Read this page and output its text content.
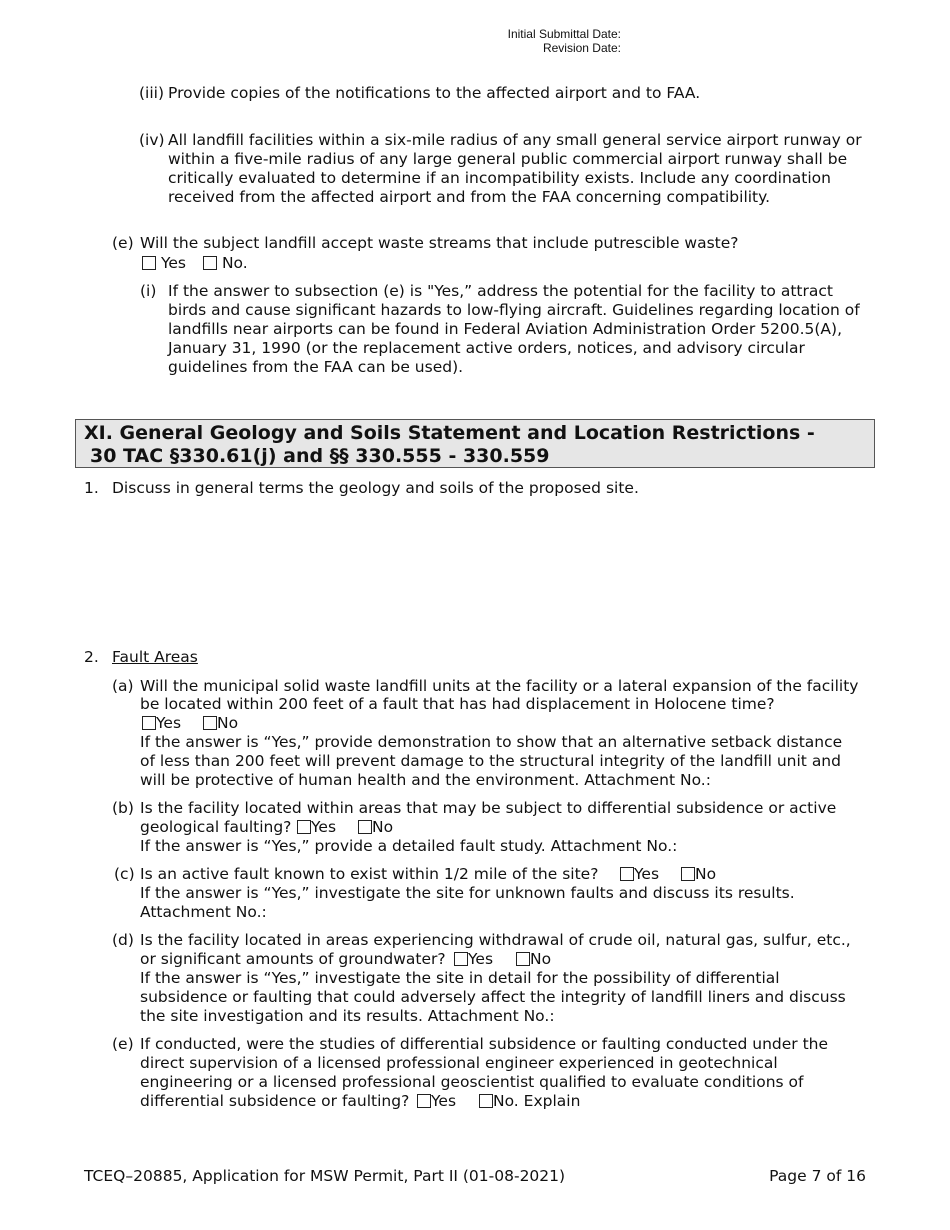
Initial Submittal Date:
Revision Date:
(iii) Provide copies of the notifications to the affected airport and to FAA.
(iv) All landfill facilities within a six-mile radius of any small general service airport runway or
within a five-mile radius of any large general public commercial airport runway shall be
critically evaluated to determine if an incompatibility exists. Include any coordination
received from the affected airport and from the FAA concerning compatibility.
(e) Will the subject landfill accept waste streams that include putrescible waste?
Yes	No.
(i) If the answer to subsection (e) is "Yes,” address the potential for the facility to attract
birds and cause significant hazards to low-flying aircraft. Guidelines regarding location of
landfills near airports can be found in Federal Aviation Administration Order 5200.5(A),
January 31, 1990 (or the replacement active orders, notices, and advisory circular
guidelines from the FAA can be used).
XI. General Geology and Soils Statement and Location Restrictions -
30 TAC §330.61(j) and §§ 330.555 - 330.559
1. Discuss in general terms the geology and soils of the proposed site.
2. Fault Areas
(a) Will the municipal solid waste landfill units at the facility or a lateral expansion of the facility
be located within 200 feet of a fault that has had displacement in Holocene time?
Yes	No
If the answer is “Yes,” provide demonstration to show that an alternative setback distance
of less than 200 feet will prevent damage to the structural integrity of the landfill unit and
will be protective of human health and the environment. Attachment No.:
(b) Is the facility located within areas that may be subject to differential subsidence or active
geological faulting?	Yes	No
If the answer is “Yes,” provide a detailed fault study. Attachment No.:
(c) Is an active fault known to exist within 1/2 mile of the site?	Yes	No
If the answer is “Yes,” investigate the site for unknown faults and discuss its results.
Attachment No.:
(d) Is the facility located in areas experiencing withdrawal of crude oil, natural gas, sulfur, etc.,
or significant amounts of groundwater?	Yes	No
If the answer is “Yes,” investigate the site in detail for the possibility of differential
subsidence or faulting that could adversely affect the integrity of landfill liners and discuss
the site investigation and its results. Attachment No.:
(e) If conducted, were the studies of differential subsidence or faulting conducted under the
direct supervision of a licensed professional engineer experienced in geotechnical
engineering or a licensed professional geoscientist qualified to evaluate conditions of
differential subsidence or faulting?	Yes	No. Explain
TCEQ–20885, Application for MSW Permit, Part II (01-08-2021)	Page 7 of 16
